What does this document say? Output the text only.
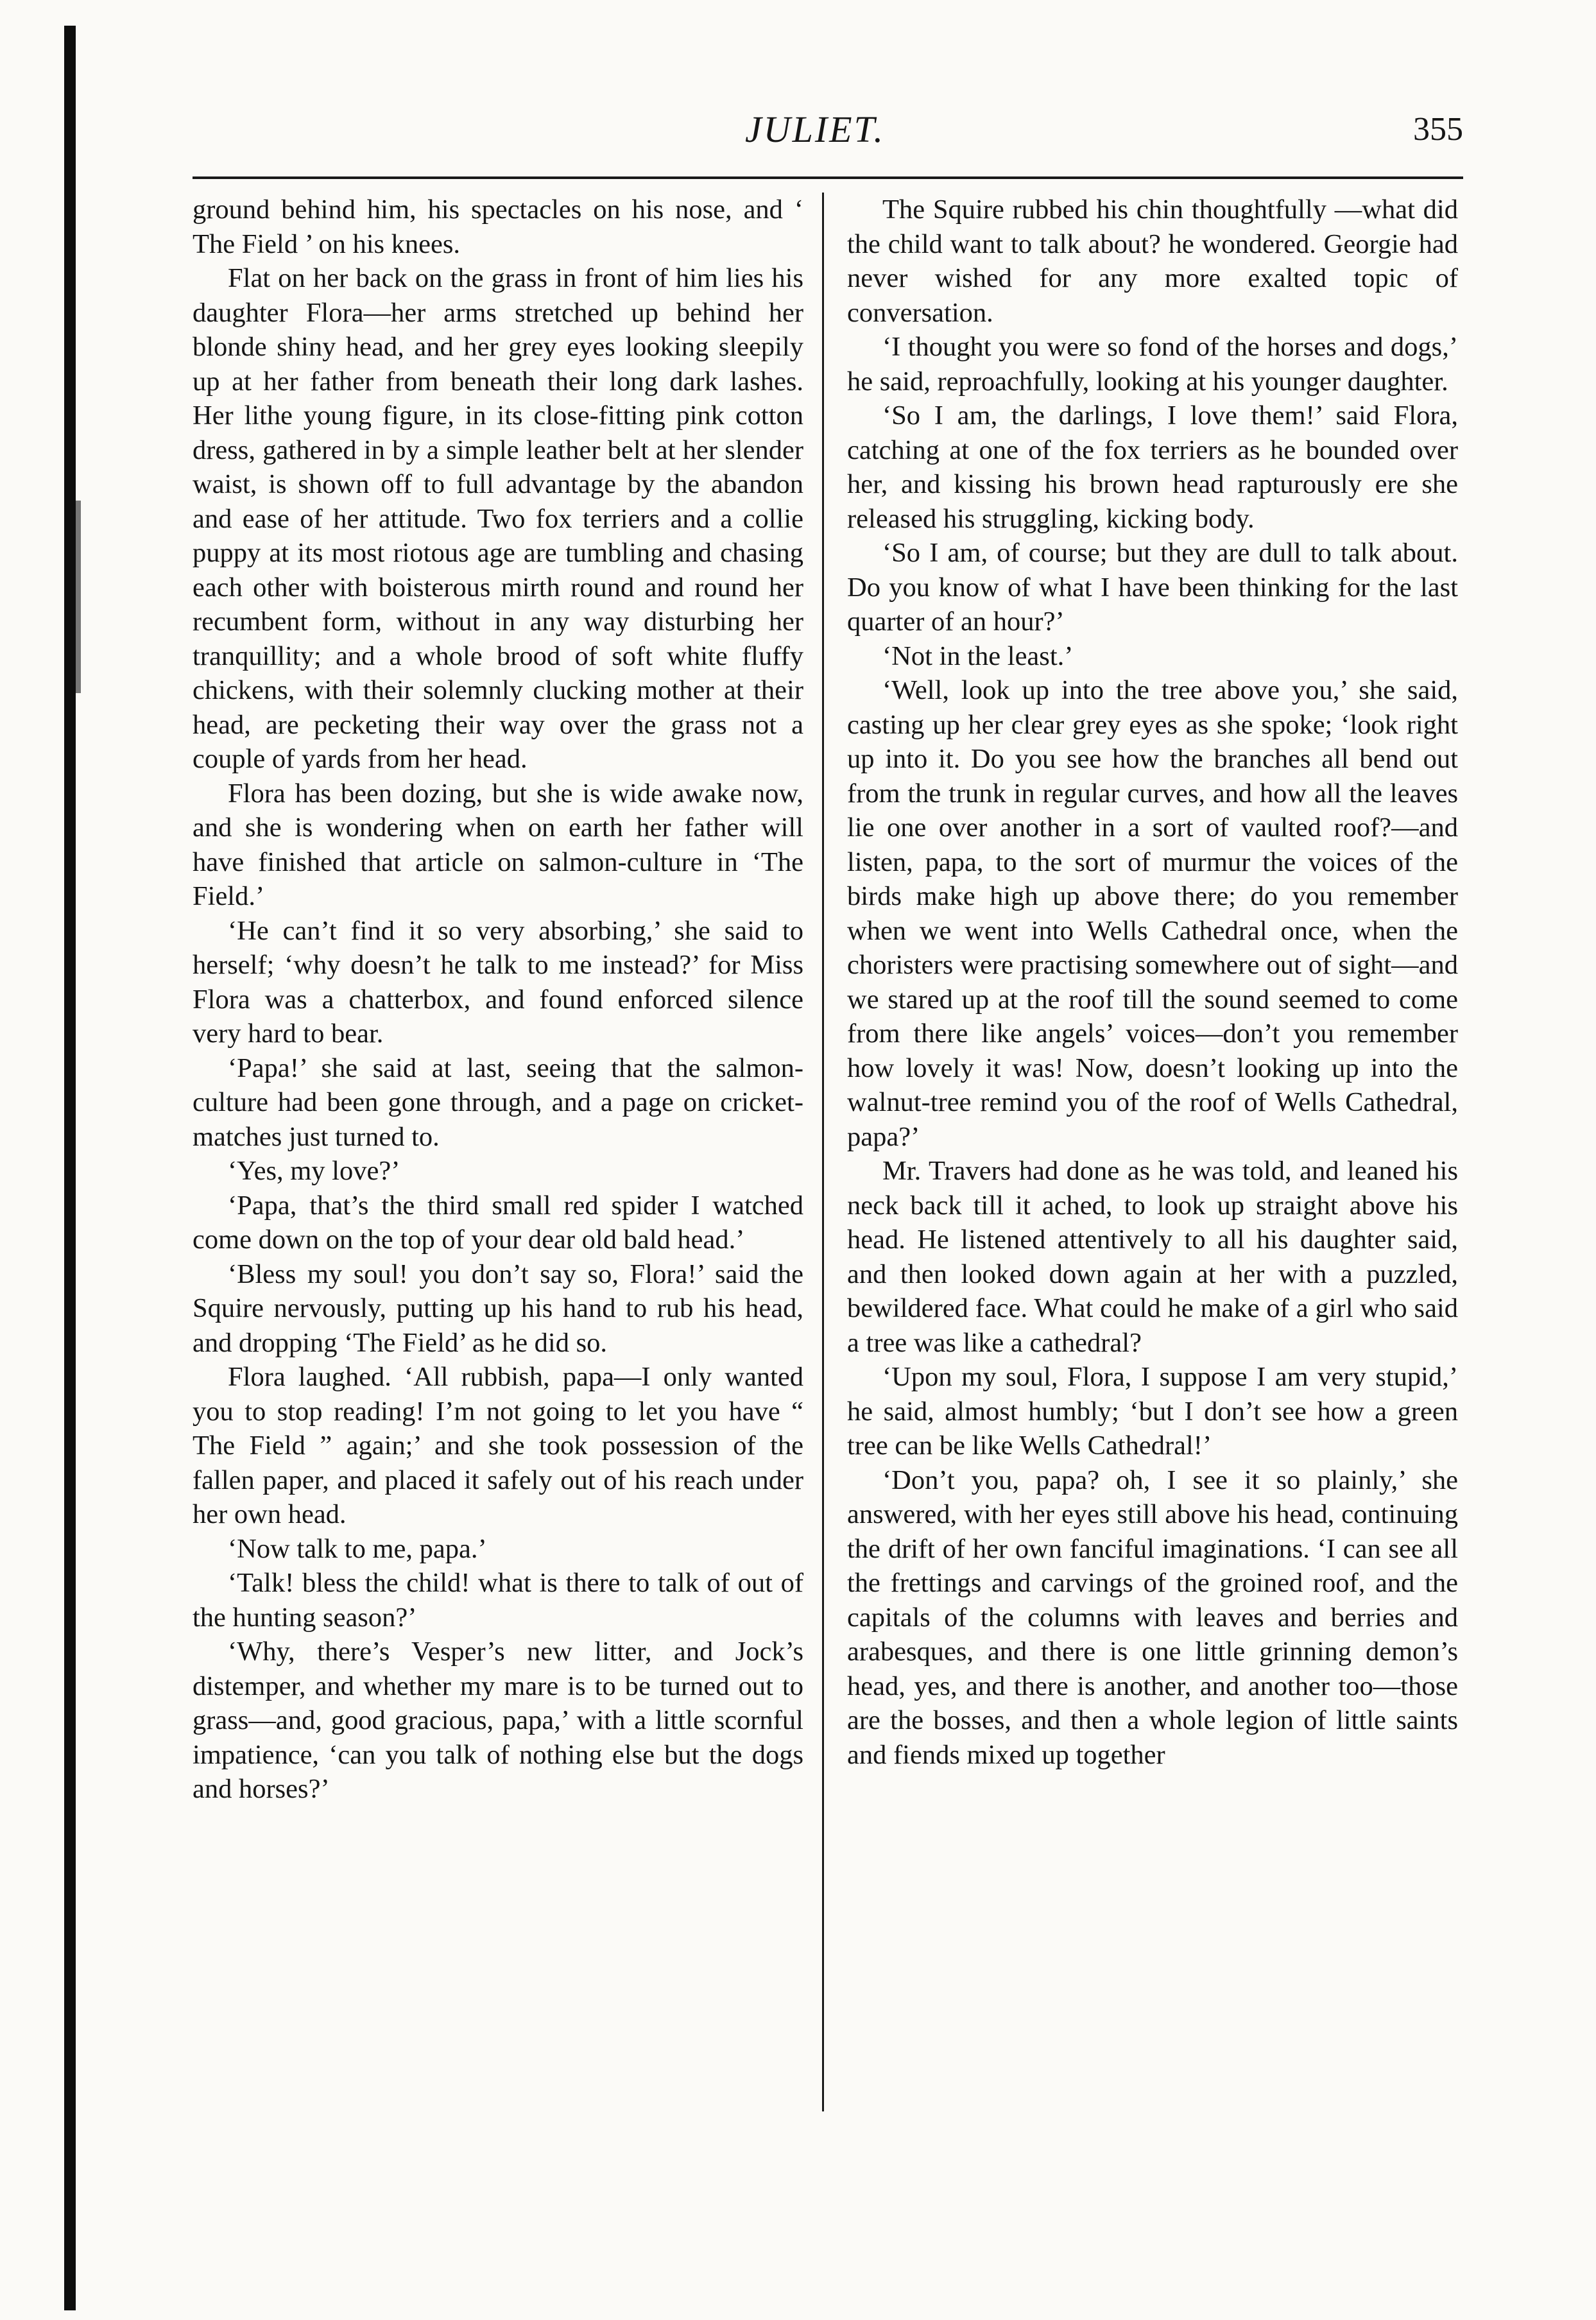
JULIET.	355

ground behind him, his spectacles on his nose, and ‘ The Field ’ on his knees.

Flat on her back on the grass in front of him lies his daughter Flora—her arms stretched up behind her blonde shiny head, and her grey eyes looking sleepily up at her father from beneath their long dark lashes. Her lithe young figure, in its close-fitting pink cotton dress, gathered in by a simple leather belt at her slender waist, is shown off to full advantage by the abandon and ease of her attitude. Two fox terriers and a collie puppy at its most riotous age are tumbling and chasing each other with boisterous mirth round and round her recumbent form, without in any way disturbing her tranquillity; and a whole brood of soft white fluffy chickens, with their solemnly clucking mother at their head, are pecketing their way over the grass not a couple of yards from her head.

Flora has been dozing, but she is wide awake now, and she is wondering when on earth her father will have finished that article on salmon-culture in ‘The Field.’

‘He can’t find it so very absorbing,’ she said to herself; ‘why doesn’t he talk to me instead?’ for Miss Flora was a chatterbox, and found enforced silence very hard to bear.

‘Papa!’ she said at last, seeing that the salmon-culture had been gone through, and a page on cricket-matches just turned to.

‘Yes, my love?’

‘Papa, that’s the third small red spider I watched come down on the top of your dear old bald head.’

‘Bless my soul! you don’t say so, Flora!’ said the Squire nervously, putting up his hand to rub his head, and dropping ‘The Field’ as he did so.

Flora laughed. ‘All rubbish, papa—I only wanted you to stop reading! I’m not going to let you have “ The Field ” again;’ and she took possession of the fallen paper, and placed it safely out of his reach under her own head.

‘Now talk to me, papa.’

‘Talk! bless the child! what is there to talk of out of the hunting season?’

‘Why, there’s Vesper’s new litter, and Jock’s distemper, and whether my mare is to be turned out to grass—and, good gracious, papa,’ with a little scornful impatience, ‘can you talk of nothing else but the dogs and horses?’

The Squire rubbed his chin thoughtfully —what did the child want to talk about? he wondered. Georgie had never wished for any more exalted topic of conversation.

‘I thought you were so fond of the horses and dogs,’ he said, reproachfully, looking at his younger daughter.

‘So I am, the darlings, I love them!’ said Flora, catching at one of the fox terriers as he bounded over her, and kissing his brown head rapturously ere she released his struggling, kicking body.

‘So I am, of course; but they are dull to talk about. Do you know of what I have been thinking for the last quarter of an hour?’

‘Not in the least.’

‘Well, look up into the tree above you,’ she said, casting up her clear grey eyes as she spoke; ‘look right up into it. Do you see how the branches all bend out from the trunk in regular curves, and how all the leaves lie one over another in a sort of vaulted roof?—and listen, papa, to the sort of murmur the voices of the birds make high up above there; do you remember when we went into Wells Cathedral once, when the choristers were practising somewhere out of sight—and we stared up at the roof till the sound seemed to come from there like angels’ voices—don’t you remember how lovely it was! Now, doesn’t looking up into the walnut-tree remind you of the roof of Wells Cathedral, papa?’

Mr. Travers had done as he was told, and leaned his neck back till it ached, to look up straight above his head. He listened attentively to all his daughter said, and then looked down again at her with a puzzled, bewildered face. What could he make of a girl who said a tree was like a cathedral?

‘Upon my soul, Flora, I suppose I am very stupid,’ he said, almost humbly; ‘but I don’t see how a green tree can be like Wells Cathedral!’

‘Don’t you, papa? oh, I see it so plainly,’ she answered, with her eyes still above his head, continuing the drift of her own fanciful imaginations. ‘I can see all the frettings and carvings of the groined roof, and the capitals of the columns with leaves and berries and arabesques, and there is one little grinning demon’s head, yes, and there is another, and another too—those are the bosses, and then a whole legion of little saints and fiends mixed up together
